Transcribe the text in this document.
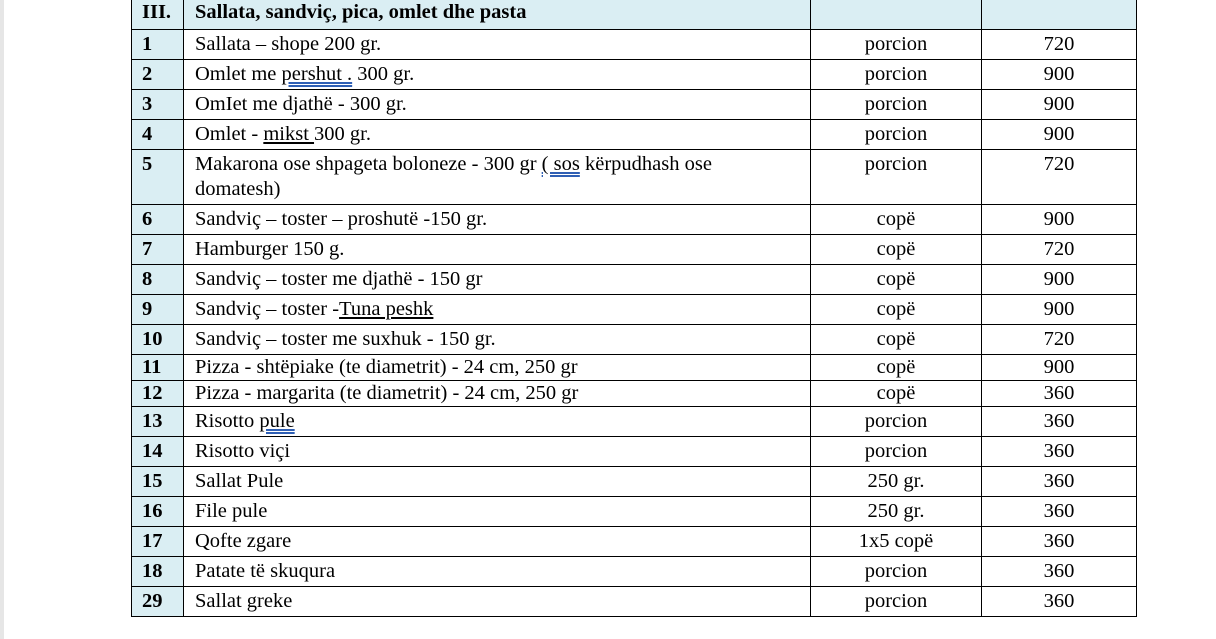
III.	Sallata, sandviç, pica, omlet dhe pasta		
1	Sallata – shope 200 gr.	porcion	720
2	Omlet me pershut . 300 gr.	porcion	900
3	OmIet me djathë - 300 gr.	porcion	900
4	Omlet - mikst 300 gr.	porcion	900
5	Makarona ose shpageta boloneze - 300 gr ( sos kërpudhash ose domatesh)	porcion	720
6	Sandviç – toster – proshutë -150 gr.	copë	900
7	Hamburger 150 g.	copë	720
8	Sandviç – toster me djathë - 150 gr	copë	900
9	Sandviç – toster -Tuna peshk	copë	900
10	Sandviç – toster me suxhuk - 150 gr.	copë	720
11	Pizza - shtëpiake (te diametrit) - 24 cm, 250 gr	copë	900
12	Pizza - margarita (te diametrit) - 24 cm, 250 gr	copë	360
13	Risotto pule	porcion	360
14	Risotto viçi	porcion	360
15	Sallat Pule	250 gr.	360
16	File pule	250 gr.	360
17	Qofte zgare	1x5 copë	360
18	Patate të skuqura	porcion	360
29	Sallat greke	porcion	360
